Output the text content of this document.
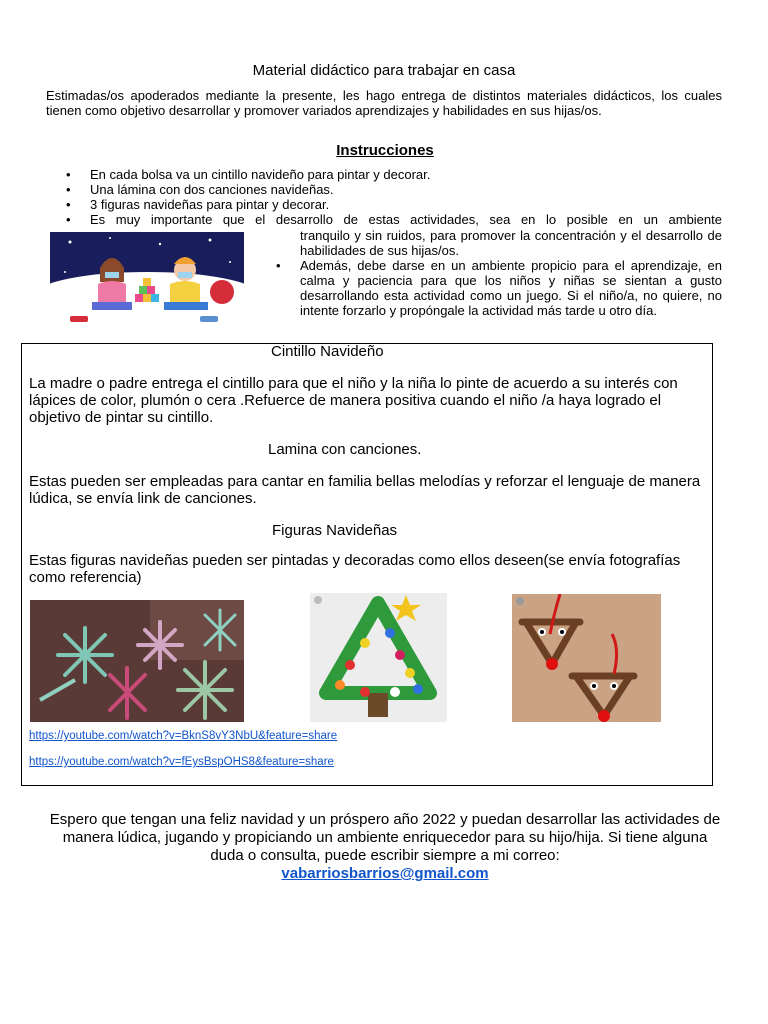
Material didáctico para trabajar en casa
Estimadas/os apoderados mediante la presente, les hago entrega de distintos materiales didácticos, los cuales tienen como objetivo desarrollar y promover variados aprendizajes y habilidades en sus hijas/os.
Instrucciones
• En cada bolsa va un cintillo navideño para pintar y decorar.
• Una lámina con dos canciones navideñas.
• 3 figuras navideñas para pintar y decorar.
• Es muy importante que el desarrollo de estas actividades, sea en lo posible en un ambiente
tranquilo y sin ruidos, para promover la concentración y el desarrollo de habilidades de sus hijas/os.
• Además, debe darse en un ambiente propicio para el aprendizaje, en calma y paciencia para que los niños y niñas se sientan a gusto desarrollando esta actividad como un juego. Si el niño/a, no quiere, no intente forzarlo y propóngale la actividad más tarde u otro día.
Cintillo Navideño
La madre o padre entrega el cintillo para que el niño y la niña lo pinte de acuerdo a su interés con lápices de color, plumón o cera .Refuerce de manera positiva cuando el niño /a haya logrado el objetivo de pintar su cintillo.
Lamina con canciones.
Estas pueden ser empleadas para cantar en familia bellas melodías y reforzar el lenguaje de manera lúdica, se envía link de canciones.
Figuras Navideñas
Estas figuras navideñas pueden ser pintadas y decoradas como ellos deseen(se envía fotografías como referencia)
https://youtube.com/watch?v=BknS8vY3NbU&feature=share
https://youtube.com/watch?v=fEysBspOHS8&feature=share
Espero que tengan una feliz navidad y un próspero año 2022 y puedan desarrollar las actividades de manera lúdica, jugando y propiciando un ambiente enriquecedor para su hijo/hija. Si tiene alguna duda o consulta, puede escribir siempre a mi correo:
vabarriosbarrios@gmail.com
